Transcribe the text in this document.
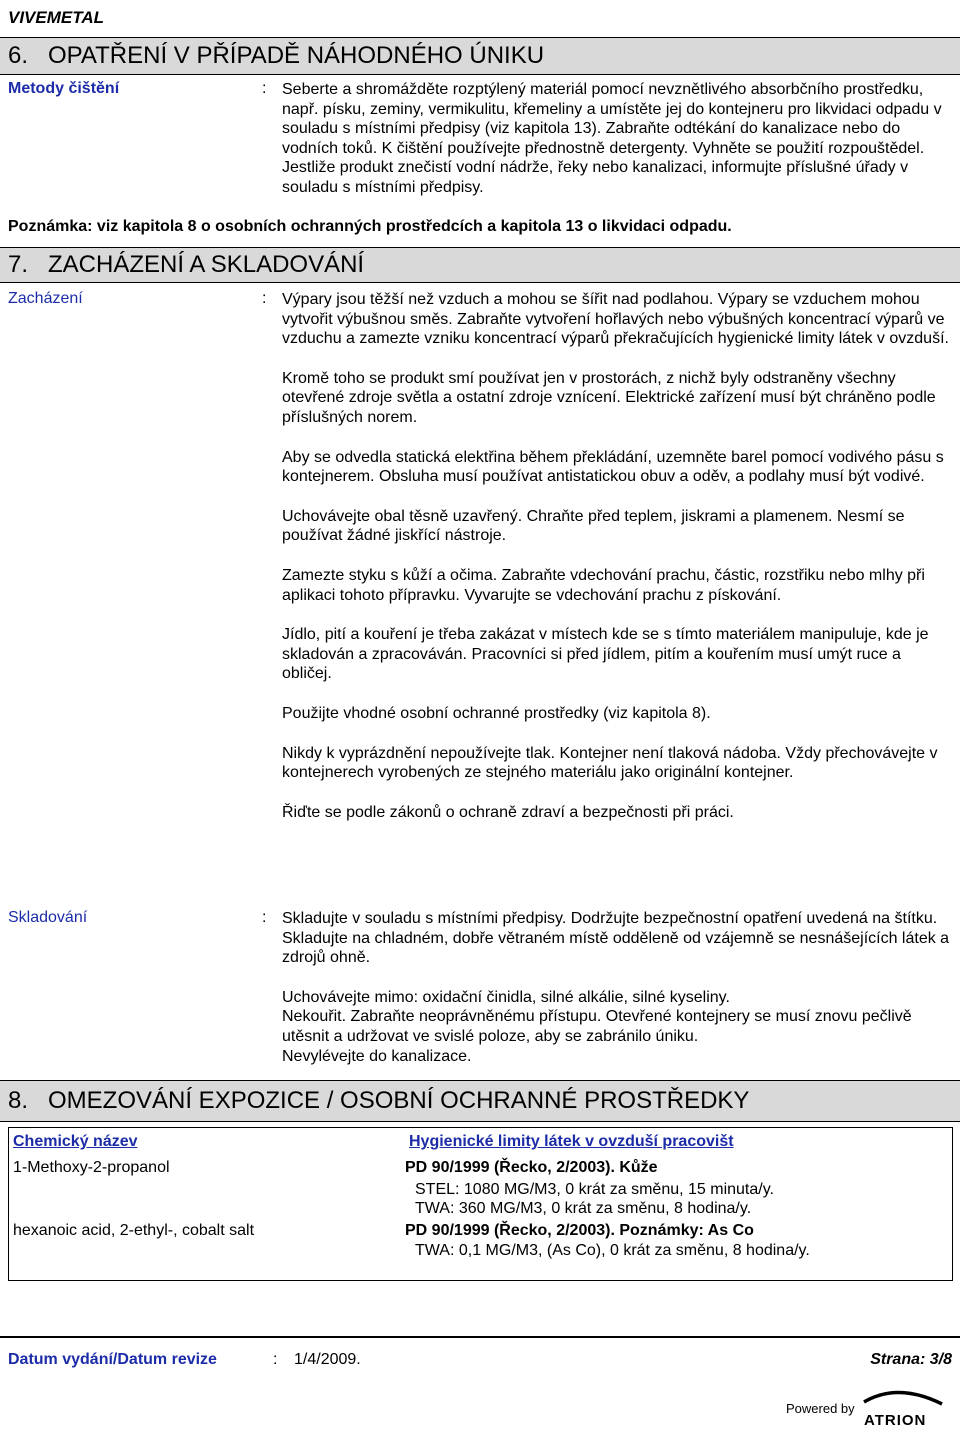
VIVEMETAL
6. OPATŘENÍ V PŘÍPADĚ NÁHODNÉHO ÚNIKU
Metody čištění	: Seberte a shromážděte rozptýlený materiál pomocí nevznětlivého absorbčního prostředku, např. písku, zeminy, vermikulitu, křemeliny a umístěte jej do kontejneru pro likvidaci odpadu v souladu s místními předpisy (viz kapitola 13). Zabraňte odtékání do kanalizace nebo do vodních toků. K čištění používejte přednostně detergenty. Vyhněte se použití rozpouštědel. Jestliže produkt znečistí vodní nádrže, řeky nebo kanalizaci, informujte příslušné úřady v souladu s místními předpisy.
Poznámka: viz kapitola 8 o osobních ochranných prostředcích a kapitola 13 o likvidaci odpadu.
7. ZACHÁZENÍ A SKLADOVÁNÍ
Zacházení	: Výpary jsou těžší než vzduch a mohou se šířit nad podlahou. Výpary se vzduchem mohou vytvořit výbušnou směs. Zabraňte vytvoření hořlavých nebo výbušných koncentrací výparů ve vzduchu a zamezte vzniku koncentrací výparů překračujících hygienické limity látek v ovzduší.

Kromě toho se produkt smí používat jen v prostorách, z nichž byly odstraněny všechny otevřené zdroje světla a ostatní zdroje vznícení. Elektrické zařízení musí být chráněno podle příslušných norem.

Aby se odvedla statická elektřina během překládání, uzemněte barel pomocí vodivého pásu s kontejnerem. Obsluha musí používat antistatickou obuv a oděv, a podlahy musí být vodivé.

Uchovávejte obal těsně uzavřený. Chraňte před teplem, jiskrami a plamenem. Nesmí se používat žádné jiskřící nástroje.

Zamezte styku s kůží a očima. Zabraňte vdechování prachu, částic, rozstřiku nebo mlhy při aplikaci tohoto přípravku. Vyvarujte se vdechování prachu z pískování.

Jídlo, pití a kouření je třeba zakázat v místech kde se s tímto materiálem manipuluje, kde je skladován a zpracováván. Pracovníci si před jídlem, pitím a kouřením musí umýt ruce a obličej.

Použijte vhodné osobní ochranné prostředky (viz kapitola 8).

Nikdy k vyprázdnění nepoužívejte tlak. Kontejner není tlaková nádoba. Vždy přechovávejte v kontejnerech vyrobených ze stejného materiálu jako originální kontejner.

Řiďte se podle zákonů o ochraně zdraví a bezpečnosti při práci.

Skladování	: Skladujte v souladu s místními předpisy. Dodržujte bezpečnostní opatření uvedená na štítku. Skladujte na chladném, dobře větraném místě odděleně od vzájemně se nesnášejících látek a zdrojů ohně.

Uchovávejte mimo: oxidační činidla, silné alkálie, silné kyseliny.

Nekouřit. Zabraňte neoprávněnému přístupu. Otevřené kontejnery se musí znovu pečlivě utěsnit a udržovat ve svislé poloze, aby se zabránilo úniku.

Nevylévejte do kanalizace.

8. OMEZOVÁNÍ EXPOZICE / OSOBNÍ OCHRANNÉ PROSTŘEDKY
Chemický název	Hygienické limity látek v ovzduší pracovišt
1-Methoxy-2-propanol	PD 90/1999 (Řecko, 2/2003). Kůže
STEL: 1080 MG/M3, 0 krát za směnu, 15 minuta/y.
TWA: 360 MG/M3, 0 krát za směnu, 8 hodina/y.
hexanoic acid, 2-ethyl-, cobalt salt	PD 90/1999 (Řecko, 2/2003). Poznámky: As Co
TWA: 0,1 MG/M3, (As Co), 0 krát za směnu, 8 hodina/y.
Datum vydání/Datum revize	: 1/4/2009.	Strana: 3/8
Powered by
ATRION
